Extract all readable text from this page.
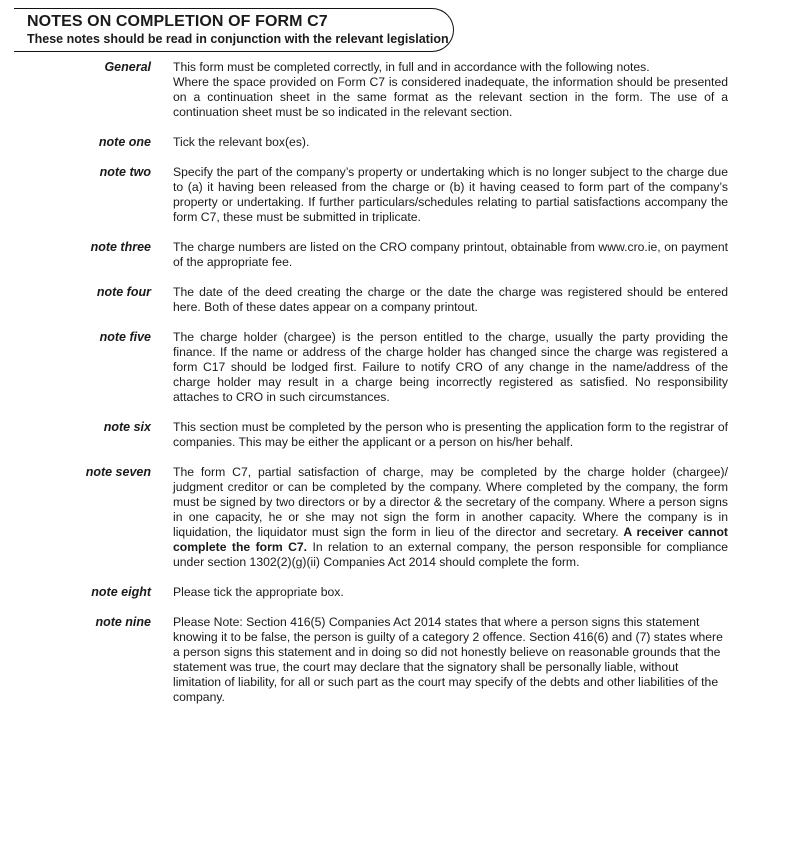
NOTES ON COMPLETION OF FORM C7
These notes should be read in conjunction with the relevant legislation
General This form must be completed correctly, in full and in accordance with the following notes.

Where the space provided on Form C7 is considered inadequate, the information should be presented on a continuation sheet in the same format as the relevant section in the form. The use of a continuation sheet must be so indicated in the relevant section.

note one Tick the relevant box(es).
note two Specify the part of the company’s property or undertaking which is no longer subject to the charge due to (a) it having been released from the charge or (b) it having ceased to form part of the company’s property or undertaking. If further particulars/schedules relating to partial satisfactions accompany the form C7, these must be submitted in triplicate.
note three The charge numbers are listed on the CRO company printout, obtainable from www.cro.ie, on payment of the appropriate fee.
note four The date of the deed creating the charge or the date the charge was registered should be entered here. Both of these dates appear on a company printout.
note five The charge holder (chargee) is the person entitled to the charge, usually the party providing the finance. If the name or address of the charge holder has changed since the charge was registered a form C17 should be lodged first. Failure to notify CRO of any change in the name/address of the charge holder may result in a charge being incorrectly registered as satisfied. No responsibility attaches to CRO in such circumstances.
note six This section must be completed by the person who is presenting the application form to the registrar of companies. This may be either the applicant or a person on his/her behalf.
note seven The form C7, partial satisfaction of charge, may be completed by the charge holder (chargee)/ judgment creditor or can be completed by the company. Where completed by the company, the form must be signed by two directors or by a director & the secretary of the company. Where a person signs in one capacity, he or she may not sign the form in another capacity. Where the company is in liquidation, the liquidator must sign the form in lieu of the director and secretary. A receiver cannot complete the form C7. In relation to an external company, the person responsible for compliance under section 1302(2)(g)(ii) Companies Act 2014 should complete the form.
note eight Please tick the appropriate box.
note nine Please Note: Section 416(5) Companies Act 2014 states that where a person signs this statement knowing it to be false, the person is guilty of a category 2 offence. Section 416(6) and (7) states where a person signs this statement and in doing so did not honestly believe on reasonable grounds that the statement was true, the court may declare that the signatory shall be personally liable, without limitation of liability, for all or such part as the court may specify of the debts and other liabilities of the company.
